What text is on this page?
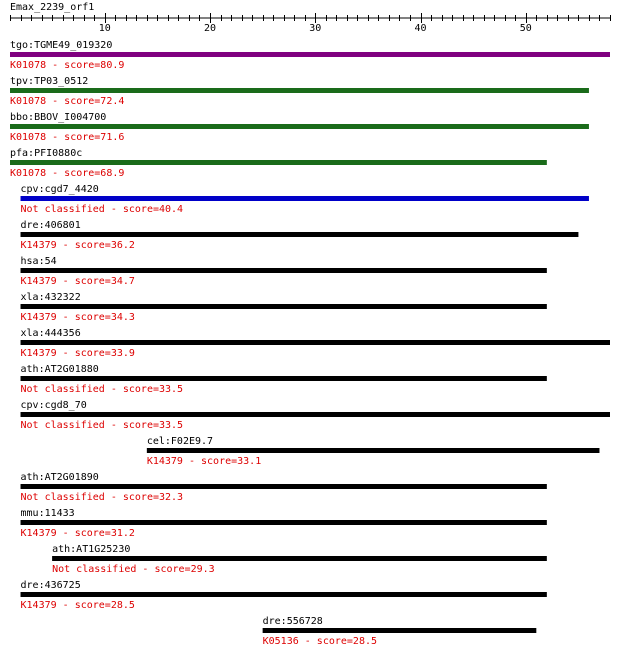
Emax_2239_orf1
10	20	30	40	50
tgo:TGME49_019320
K01078 - score=80.9
tpv:TP03_0512
K01078 - score=72.4
bbo:BBOV_I004700
K01078 - score=71.6
pfa:PFI0880c
K01078 - score=68.9
cpv:cgd7_4420
Not classified - score=40.4
dre:406801
K14379 - score=36.2
hsa:54
K14379 - score=34.7
xla:432322
K14379 - score=34.3
xla:444356
K14379 - score=33.9
ath:AT2G01880
Not classified - score=33.5
cpv:cgd8_70
Not classified - score=33.5
cel:F02E9.7
K14379 - score=33.1
ath:AT2G01890
Not classified - score=32.3
mmu:11433
K14379 - score=31.2
ath:AT1G25230
Not classified - score=29.3
dre:436725
K14379 - score=28.5
dre:556728
K05136 - score=28.5
